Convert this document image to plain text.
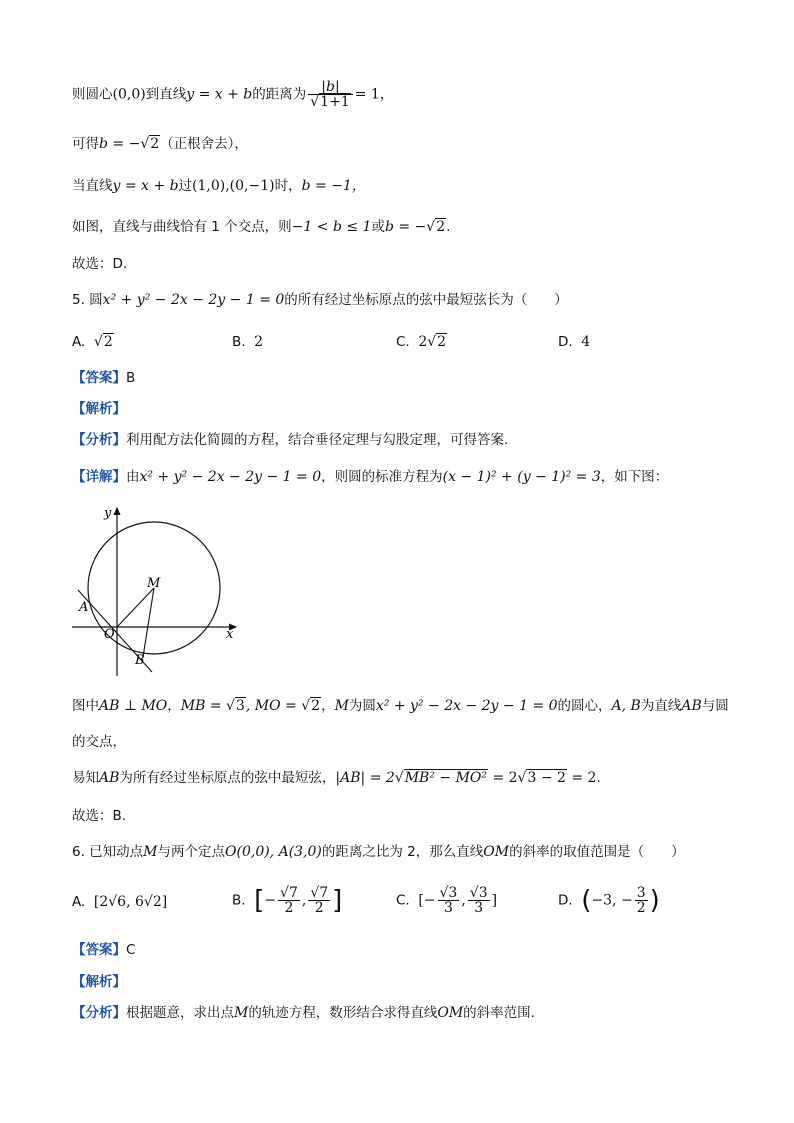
则圆心(0,0)到直线y = x + b的距离为 $\frac{|b|}{√1+1} = 1$，
可得b = −√2（正根舍去），
当直线y = x + b过(1,0),(0,−1)时，b = −1，
如图，直线与曲线恰有 1 个交点，则−1 < b ≤ 1或b = −√2.
故选：D.
5. 圆x² + y² − 2x − 2y − 1 = 0的所有经过坐标原点的弦中最短弦长为（　　）
A. √2	B. 2	C. 2√2	D. 4
【答案】B
【解析】
【分析】利用配方法化简圆的方程，结合垂径定理与勾股定理，可得答案.
【详解】由x² + y² − 2x − 2y − 1 = 0，则圆的标准方程为(x − 1)² + (y − 1)² = 3，如下图：
y
x
M
A
O
B
图中AB ⊥ MO，MB = √3, MO = √2，M为圆x² + y² − 2x − 2y − 1 = 0的圆心，A, B为直线AB与圆
的交点，
易知AB为所有经过坐标原点的弦中最短弦，|AB| = 2√MB² − MO² = 2√3 − 2 = 2.
故选：B.
6. 已知动点M与两个定点O(0,0), A(3,0)的距离之比为 2，那么直线OM的斜率的取值范围是（　　）
A. [2√6, 6√2]	B. [− $\frac{√7}{2}$ , $\frac{√7}{2}$ ]	C. [− $\frac{√3}{3}$ , $\frac{√3}{3}$ ]	D. (−3, − $\frac{3}{2}$ )
【答案】C
【解析】
【分析】根据题意，求出点M的轨迹方程，数形结合求得直线OM的斜率范围.
